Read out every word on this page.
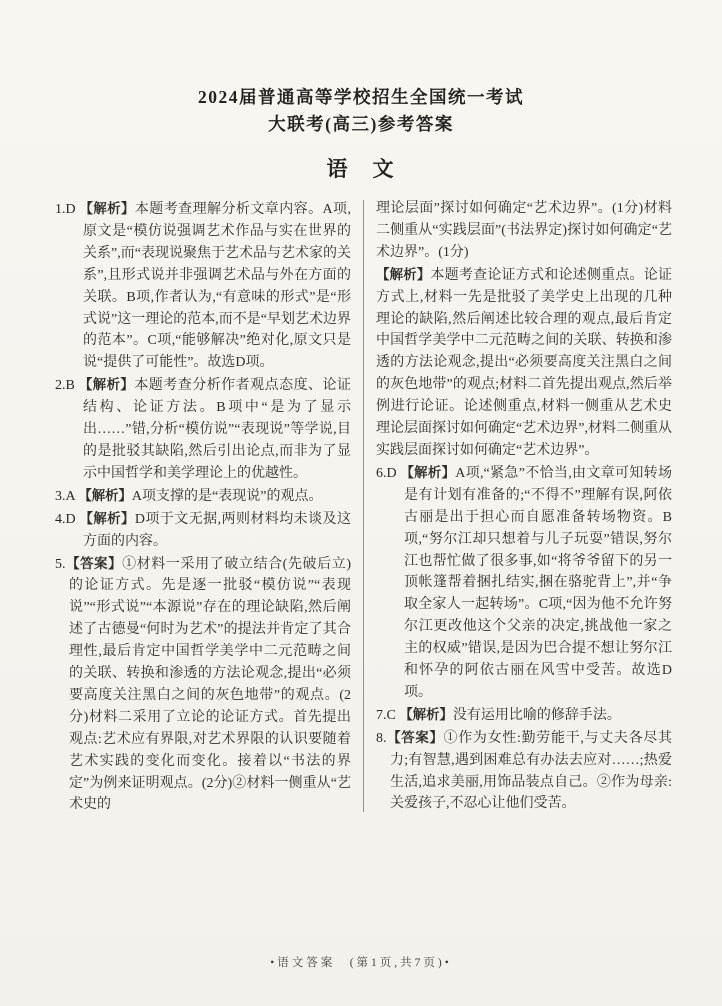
2024届普通高等学校招生全国统一考试
大联考(高三)参考答案
语　文

1.D 【解析】本题考查理解分析文章内容。A项,原文是“模仿说强调艺术作品与实在世界的关系”,而“表现说聚焦于艺术品与艺术家的关系”,且形式说并非强调艺术品与外在方面的关联。B项,作者认为,“有意味的形式”是“形式说”这一理论的范本,而不是“早划艺术边界的范本”。C项,“能够解决”绝对化,原文只是说“提供了可能性”。故选D项。

2.B 【解析】本题考查分析作者观点态度、论证结构、论证方法。B项中“是为了显示出……”错,分析“模仿说”“表现说”等学说,目的是批驳其缺陷,然后引出论点,而非为了显示中国哲学和美学理论上的优越性。

3.A 【解析】A项支撑的是“表现说”的观点。

4.D 【解析】D项于文无据,两则材料均未谈及这方面的内容。

5.【答案】①材料一采用了破立结合(先破后立)的论证方式。先是逐一批驳“模仿说”“表现说”“形式说”“本源说”存在的理论缺陷,然后阐述了古德曼“何时为艺术”的提法并肯定了其合理性,最后肯定中国哲学美学中二元范畴之间的关联、转换和渗透的方法论观念,提出“必须要高度关注黑白之间的灰色地带”的观点。(2分)材料二采用了立论的论证方式。首先提出观点:艺术应有界限,对艺术界限的认识要随着艺术实践的变化而变化。接着以“书法的界定”为例来证明观点。(2分)②材料一侧重从“艺术史的

理论层面”探讨如何确定“艺术边界”。(1分)材料二侧重从“实践层面”(书法界定)探讨如何确定“艺术边界”。(1分)

【解析】本题考查论证方式和论述侧重点。论证方式上,材料一先是批驳了美学史上出现的几种理论的缺陷,然后阐述比较合理的观点,最后肯定中国哲学美学中二元范畴之间的关联、转换和渗透的方法论观念,提出“必须要高度关注黑白之间的灰色地带”的观点;材料二首先提出观点,然后举例进行论证。论述侧重点,材料一侧重从艺术史理论层面探讨如何确定“艺术边界”,材料二侧重从实践层面探讨如何确定“艺术边界”。

6.D 【解析】A项,“紧急”不恰当,由文章可知转场是有计划有准备的;“不得不”理解有误,阿依古丽是出于担心而自愿准备转场物资。B项,“努尔江却只想着与儿子玩耍”错误,努尔江也帮忙做了很多事,如“将爷爷留下的另一顶帐篷帮着捆扎结实,捆在骆驼背上”,并“争取全家人一起转场”。C项,“因为他不允许努尔江更改他这个父亲的决定,挑战他一家之主的权威”错误,是因为巴合提不想让努尔江和怀孕的阿依古丽在风雪中受苦。故选D项。

7.C 【解析】没有运用比喻的修辞手法。

8.【答案】①作为女性:勤劳能干,与丈夫各尽其力;有智慧,遇到困难总有办法去应对……;热爱生活,追求美丽,用饰品装点自己。②作为母亲:关爱孩子,不忍心让他们受苦。

•语文答案　(第1页,共7页)•
